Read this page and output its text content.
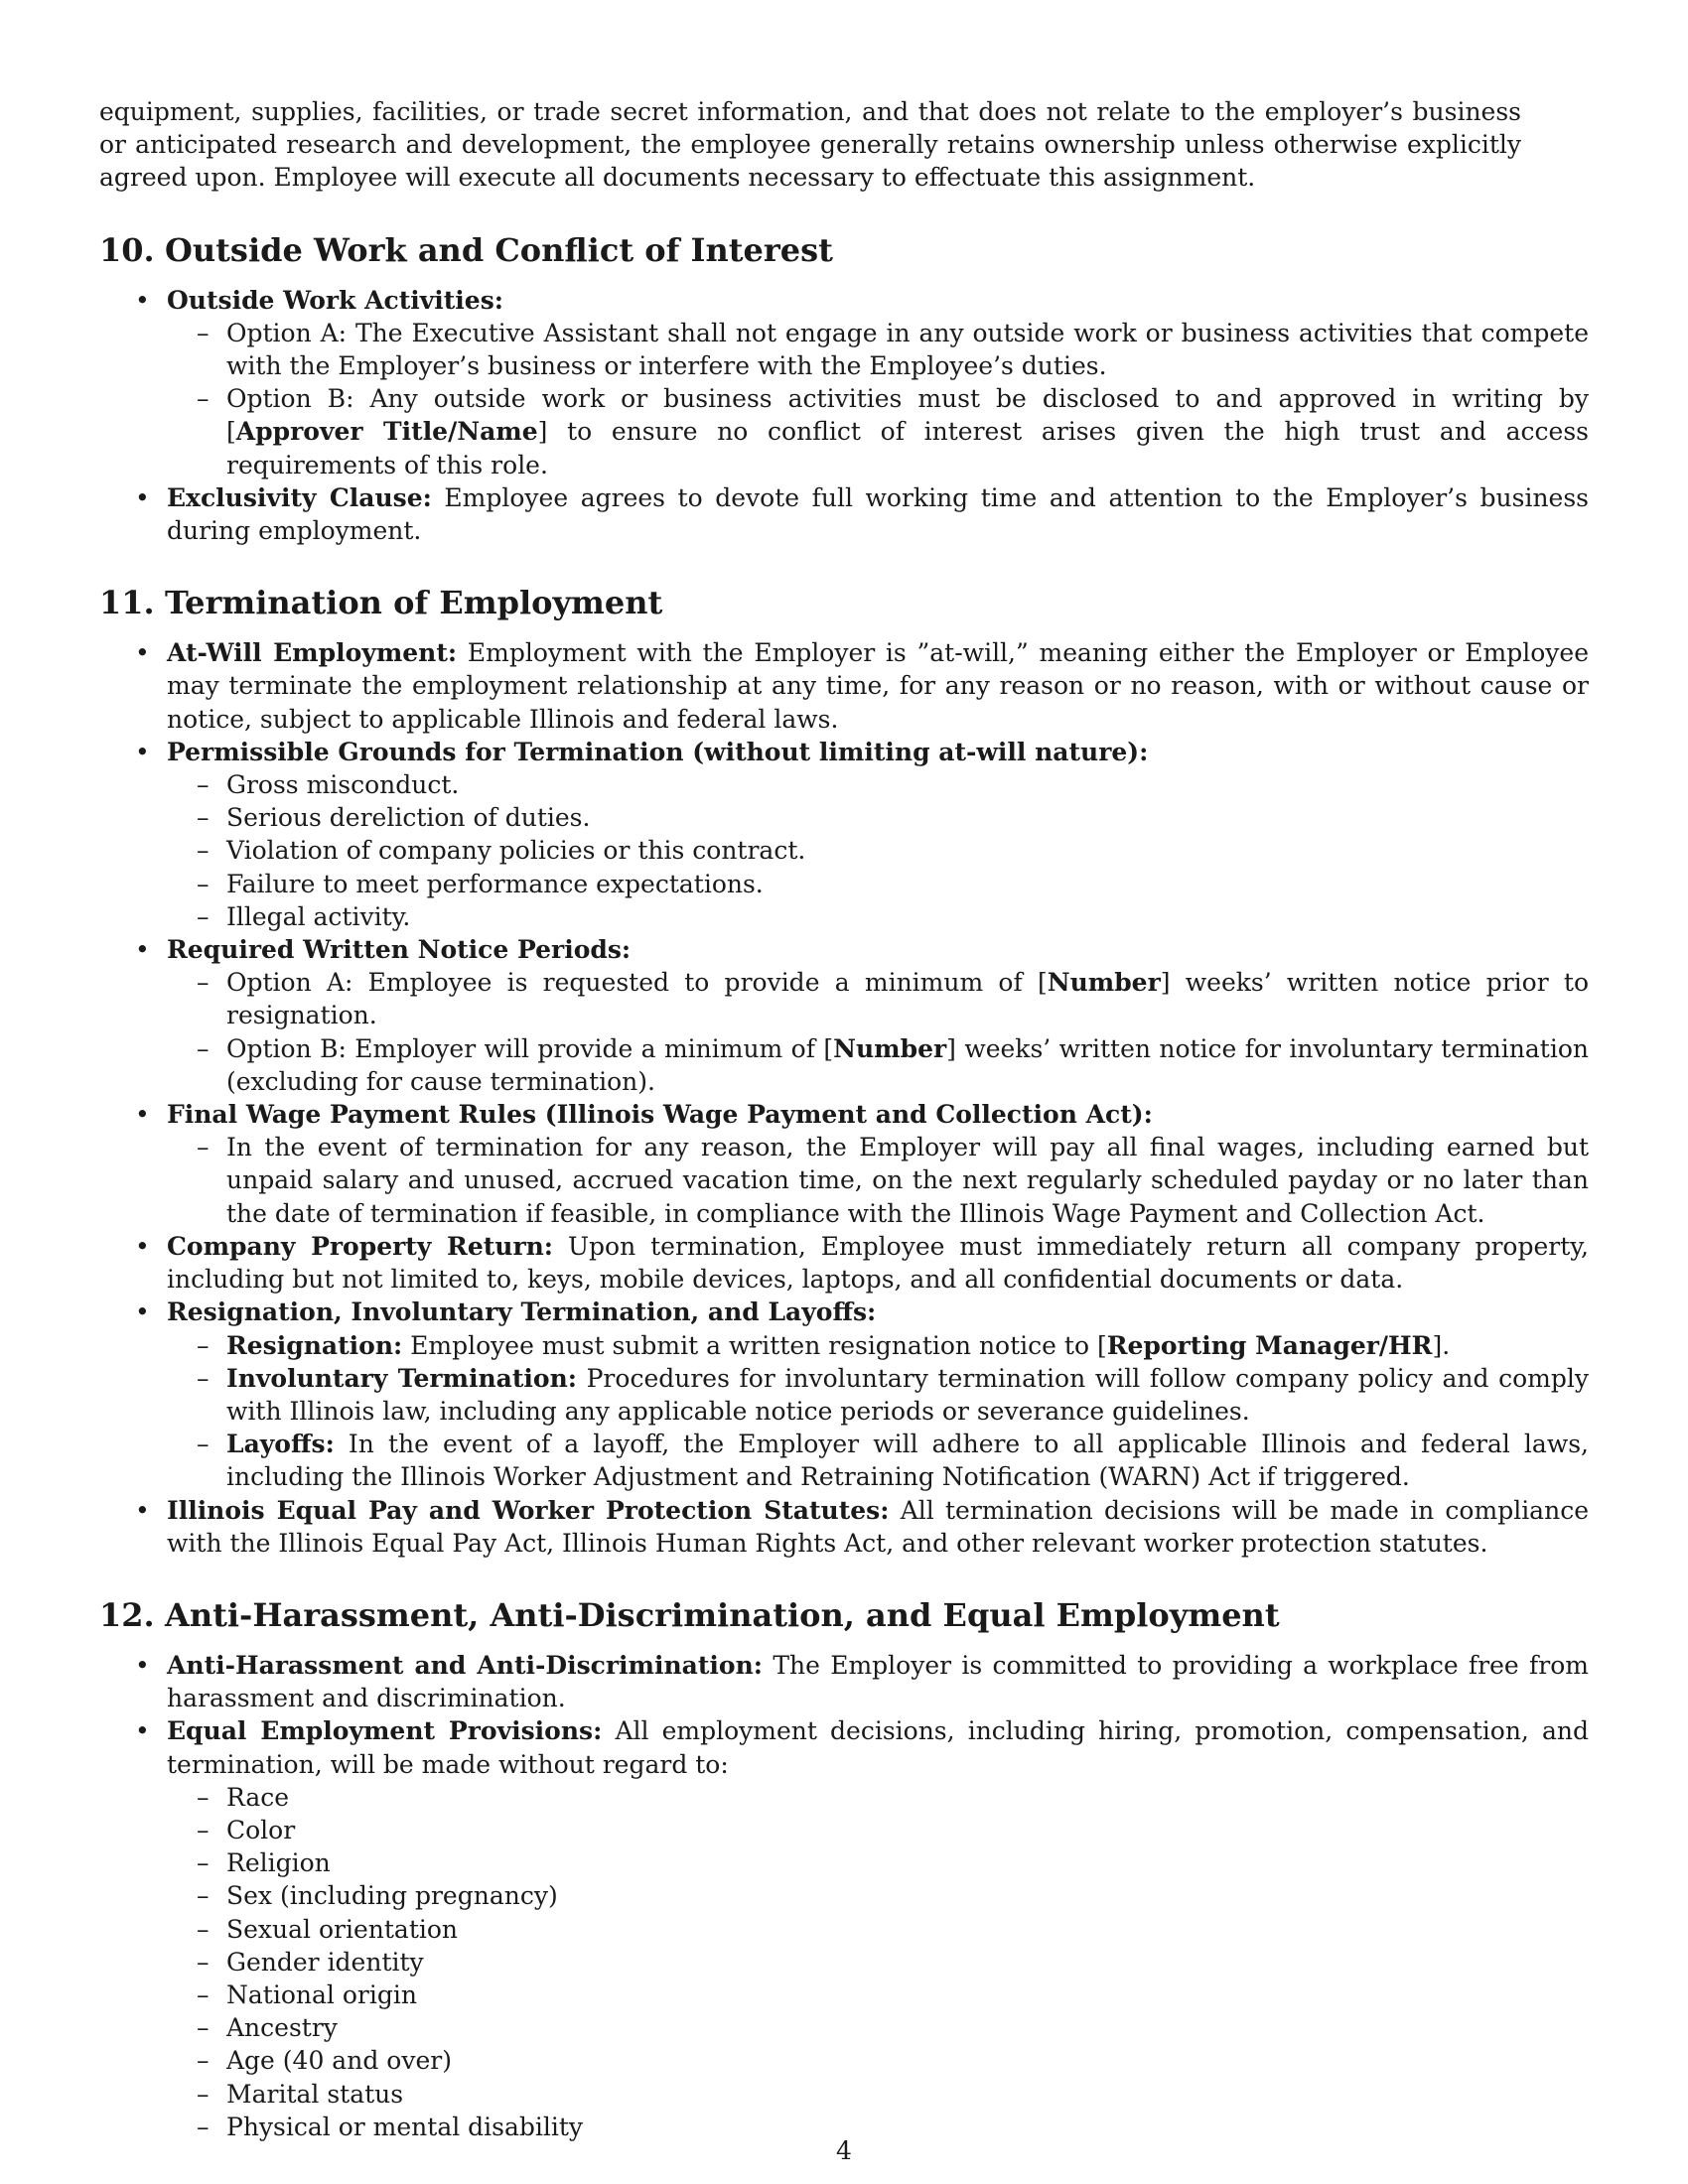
equipment, supplies, facilities, or trade secret information, and that does not relate to the employer’s business or anticipated research and development, the employee generally retains ownership unless otherwise explicitly agreed upon. Employee will execute all documents necessary to effectuate this assignment.

10. Outside Work and Conflict of Interest
• Outside Work Activities:
– Option A: The Executive Assistant shall not engage in any outside work or business activities that compete with the Employer’s business or interfere with the Employee’s duties.
– Option B: Any outside work or business activities must be disclosed to and approved in writing by [Approver Title/Name] to ensure no conflict of interest arises given the high trust and access requirements of this role.
• Exclusivity Clause: Employee agrees to devote full working time and attention to the Employer’s business during employment.
11. Termination of Employment
• At-Will Employment: Employment with the Employer is ”at-will,” meaning either the Employer or Employee may terminate the employment relationship at any time, for any reason or no reason, with or without cause or notice, subject to applicable Illinois and federal laws.
• Permissible Grounds for Termination (without limiting at-will nature):
– Gross misconduct.
– Serious dereliction of duties.
– Violation of company policies or this contract.
– Failure to meet performance expectations.
– Illegal activity.
• Required Written Notice Periods:
– Option A: Employee is requested to provide a minimum of [Number] weeks’ written notice prior to resignation.
– Option B: Employer will provide a minimum of [Number] weeks’ written notice for involuntary termination (excluding for cause termination).
• Final Wage Payment Rules (Illinois Wage Payment and Collection Act):
– In the event of termination for any reason, the Employer will pay all final wages, including earned but unpaid salary and unused, accrued vacation time, on the next regularly scheduled payday or no later than the date of termination if feasible, in compliance with the Illinois Wage Payment and Collection Act.
• Company Property Return: Upon termination, Employee must immediately return all company property, including but not limited to, keys, mobile devices, laptops, and all confidential documents or data.
• Resignation, Involuntary Termination, and Layoffs:
– Resignation: Employee must submit a written resignation notice to [Reporting Manager/HR].
– Involuntary Termination: Procedures for involuntary termination will follow company policy and comply with Illinois law, including any applicable notice periods or severance guidelines.
– Layoffs: In the event of a layoff, the Employer will adhere to all applicable Illinois and federal laws, including the Illinois Worker Adjustment and Retraining Notification (WARN) Act if triggered.
• Illinois Equal Pay and Worker Protection Statutes: All termination decisions will be made in compliance with the Illinois Equal Pay Act, Illinois Human Rights Act, and other relevant worker protection statutes.
12. Anti-Harassment, Anti-Discrimination, and Equal Employment
• Anti-Harassment and Anti-Discrimination: The Employer is committed to providing a workplace free from harassment and discrimination.
• Equal Employment Provisions: All employment decisions, including hiring, promotion, compensation, and termination, will be made without regard to:
– Race
– Color
– Religion
– Sex (including pregnancy)
– Sexual orientation
– Gender identity
– National origin
– Ancestry
– Age (40 and over)
– Marital status
– Physical or mental disability
4
